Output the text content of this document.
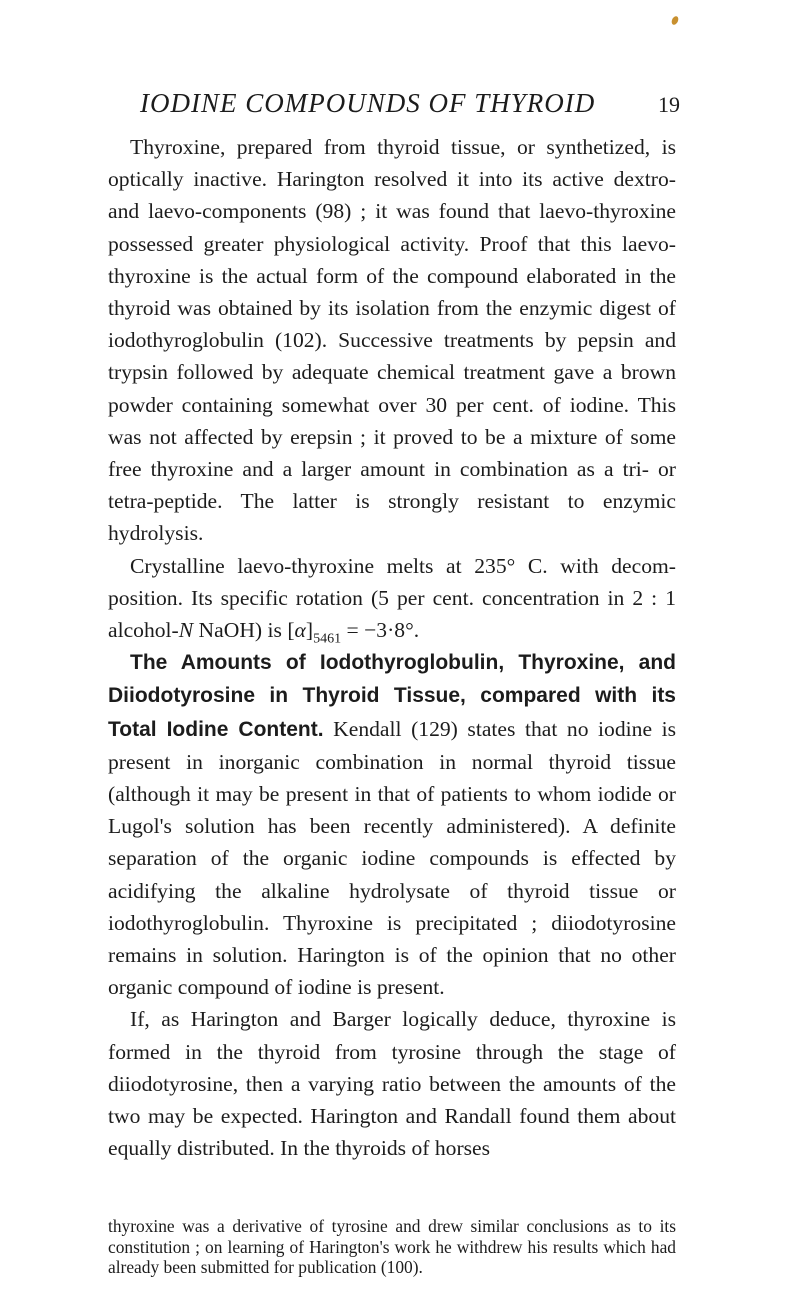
IODINE COMPOUNDS OF THYROID	19

Thyroxine, prepared from thyroid tissue, or synthetized, is optically inactive. Harington resolved it into its active dextro- and laevo-components (98) ; it was found that laevo-thyroxine possessed greater physiological activity. Proof that this laevo-thyroxine is the actual form of the compound elaborated in the thyroid was obtained by its isolation from the enzymic digest of iodothyroglobulin (102). Successive treatments by pepsin and trypsin followed by adequate chemical treatment gave a brown powder containing somewhat over 30 per cent. of iodine. This was not affected by erepsin ; it proved to be a mixture of some free thyroxine and a larger amount in combination as a tri- or tetra-peptide. The latter is strongly resistant to enzymic hydrolysis.

Crystalline laevo-thyroxine melts at 235° C. with decomposition. Its specific rotation (5 per cent. concentration in 2 : 1 alcohol-N NaOH) is $[\alpha]_{5461} = -3\cdot 8^\circ$.

The Amounts of Iodothyroglobulin, Thyroxine, and Diiodotyrosine in Thyroid Tissue, compared with its Total Iodine Content. Kendall (129) states that no iodine is present in inorganic combination in normal thyroid tissue (although it may be present in that of patients to whom iodide or Lugol's solution has been recently administered). A definite separation of the organic iodine compounds is effected by acidifying the alkaline hydrolysate of thyroid tissue or iodothyroglobulin. Thyroxine is precipitated ; diiodotyrosine remains in solution. Harington is of the opinion that no other organic compound of iodine is present.

If, as Harington and Barger logically deduce, thyroxine is formed in the thyroid from tyrosine through the stage of diiodotyrosine, then a varying ratio between the amounts of the two may be expected. Harington and Randall found them about equally distributed. In the thyroids of horses

thyroxine was a derivative of tyrosine and drew similar conclusions as to its constitution ; on learning of Harington's work he withdrew his results which had already been submitted for publication (100).
